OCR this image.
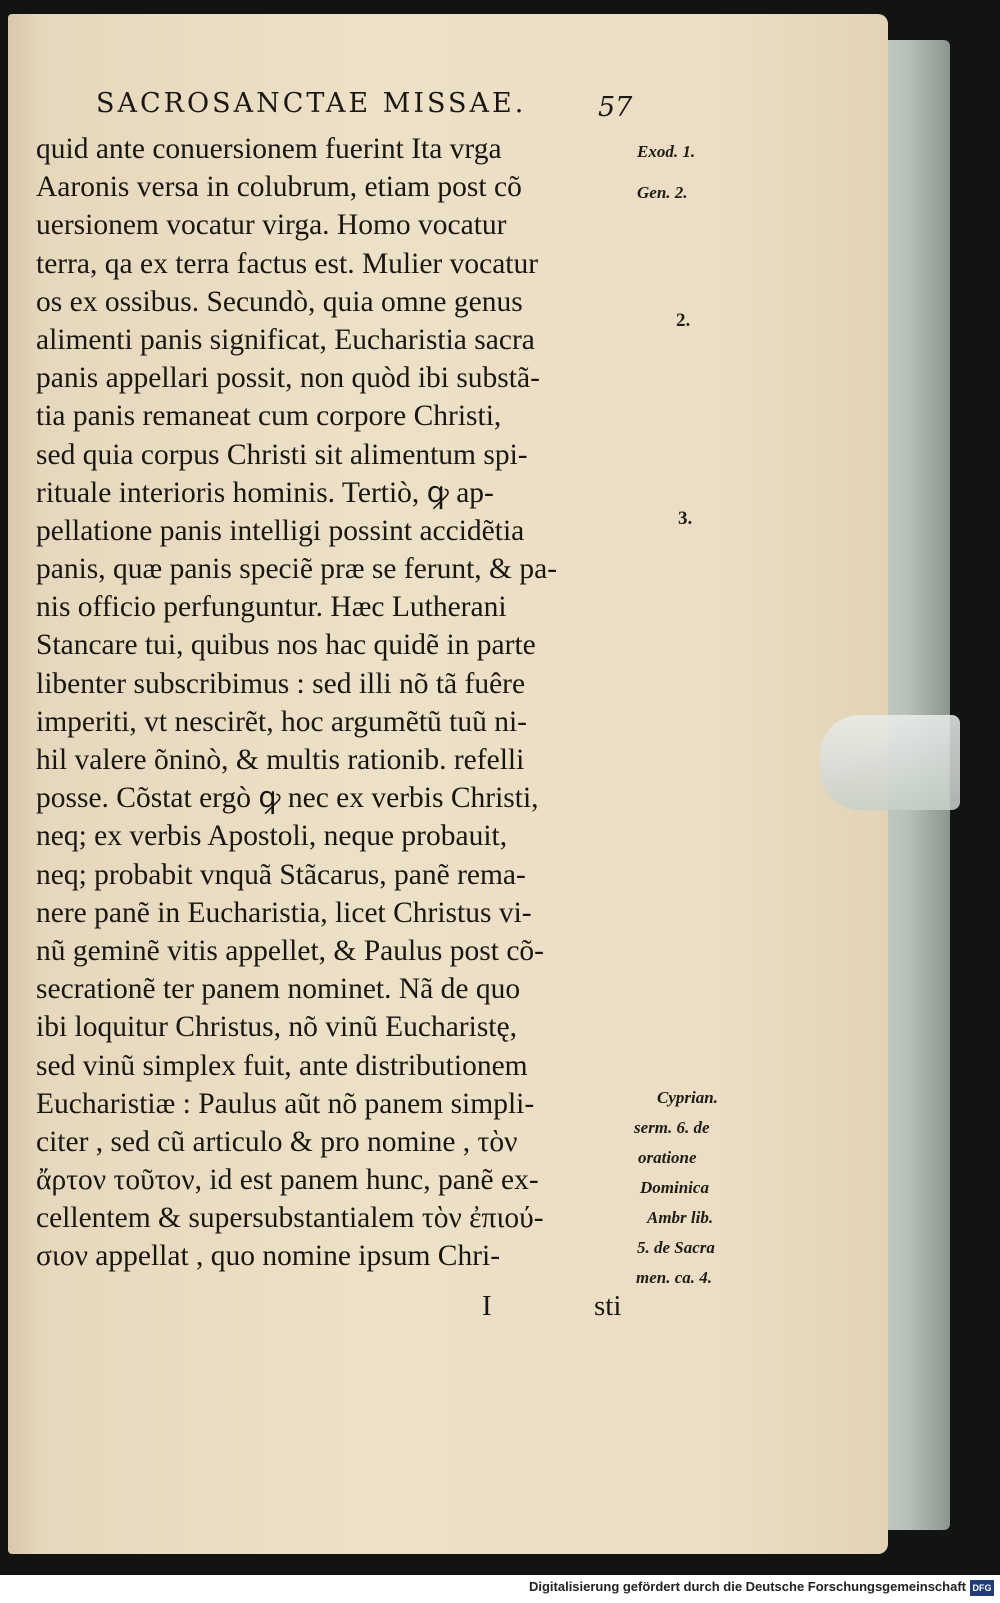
SACROSANCTAE MISSAE.	57
quid ante conuersionem fuerint Ita vrga
Aaronis versa in colubrum, etiam post cõ
uersionem vocatur virga. Homo vocatur
terra, qa ex terra factus est. Mulier vocatur
os ex ossibus. Secundò, quia omne genus
alimenti panis significat, Eucharistia sacra
panis appellari possit, non quòd ibi substã-
tia panis remaneat cum corpore Christi,
sed quia corpus Christi sit alimentum spi-
rituale interioris hominis. Tertiò, ꝙ ap-
pellatione panis intelligi possint accidẽtia
panis, quæ panis speciẽ præ se ferunt, & pa-
nis officio perfunguntur. Hæc Lutherani
Stancare tui, quibus nos hac quidẽ in parte
libenter subscribimus : sed illi nõ tã fuêre
imperiti, vt nescirẽt, hoc argumẽtũ tuũ ni-
hil valere õninò, & multis rationib. refelli
posse. Cõstat ergò ꝙ nec ex verbis Christi,
neq; ex verbis Apostoli, neque probauit,
neq; probabit vnquã Stãcarus, panẽ rema-
nere panẽ in Eucharistia, licet Christus vi-
nũ geminẽ vitis appellet, & Paulus post cõ-
secrationẽ ter panem nominet. Nã de quo
ibi loquitur Christus, nõ vinũ Eucharistę,
sed vinũ simplex fuit, ante distributionem
Eucharistiæ : Paulus aũt nõ panem simpli-
citer , sed cũ articulo & pro nomine , τὸν
ἄρτον τοῦτον, id est panem hunc, panẽ ex-
cellentem & supersubstantialem τὸν ἐπιού-
σιον appellat , quo nomine ipsum Chri-
I	sti
Exod. 1.
Gen. 2.
2.
3.
Cyprian.
serm. 6. de
oratione
Dominica
Ambr lib.
5. de Sacra
men. ca. 4.
Digitalisierung gefördert durch die Deutsche Forschungsgemeinschaft DFG
